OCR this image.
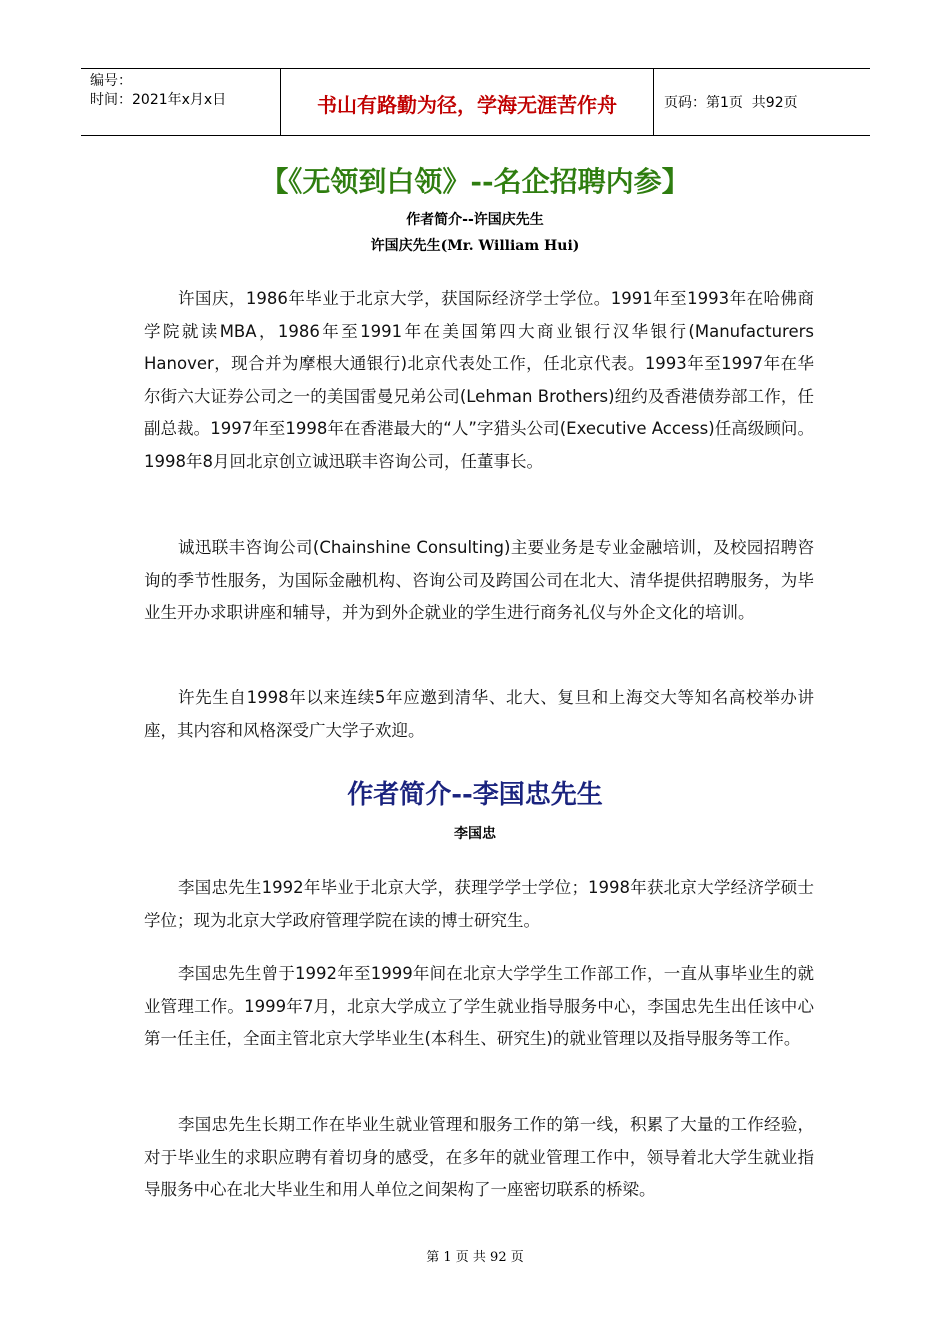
编号：
时间：2021年x月x日	书山有路勤为径，学海无涯苦作舟	页码：第1页  共92页
【《无领到白领》--名企招聘内参】
作者简介--许国庆先生
许国庆先生(Mr. William Hui)
许国庆，1986年毕业于北京大学，获国际经济学士学位。1991年至1993年在哈佛商学院就读MBA，1986年至1991年在美国第四大商业银行汉华银行(Manufacturers Hanover，现合并为摩根大通银行)北京代表处工作，任北京代表。1993年至1997年在华尔街六大证券公司之一的美国雷曼兄弟公司(Lehman Brothers)纽约及香港债券部工作，任副总裁。1997年至1998年在香港最大的“人”字猎头公司(Executive Access)任高级顾问。1998年8月回北京创立诚迅联丰咨询公司，任董事长。
诚迅联丰咨询公司(Chainshine Consulting)主要业务是专业金融培训，及校园招聘咨询的季节性服务，为国际金融机构、咨询公司及跨国公司在北大、清华提供招聘服务，为毕业生开办求职讲座和辅导，并为到外企就业的学生进行商务礼仪与外企文化的培训。
许先生自1998年以来连续5年应邀到清华、北大、复旦和上海交大等知名高校举办讲座，其内容和风格深受广大学子欢迎。
作者简介--李国忠先生
李国忠
李国忠先生1992年毕业于北京大学，获理学学士学位；1998年获北京大学经济学硕士学位；现为北京大学政府管理学院在读的博士研究生。
李国忠先生曾于1992年至1999年间在北京大学学生工作部工作，一直从事毕业生的就业管理工作。1999年7月，北京大学成立了学生就业指导服务中心，李国忠先生出任该中心第一任主任，全面主管北京大学毕业生(本科生、研究生)的就业管理以及指导服务等工作。
李国忠先生长期工作在毕业生就业管理和服务工作的第一线，积累了大量的工作经验，对于毕业生的求职应聘有着切身的感受，在多年的就业管理工作中，领导着北大学生就业指导服务中心在北大毕业生和用人单位之间架构了一座密切联系的桥梁。
第 1 页 共 92 页
